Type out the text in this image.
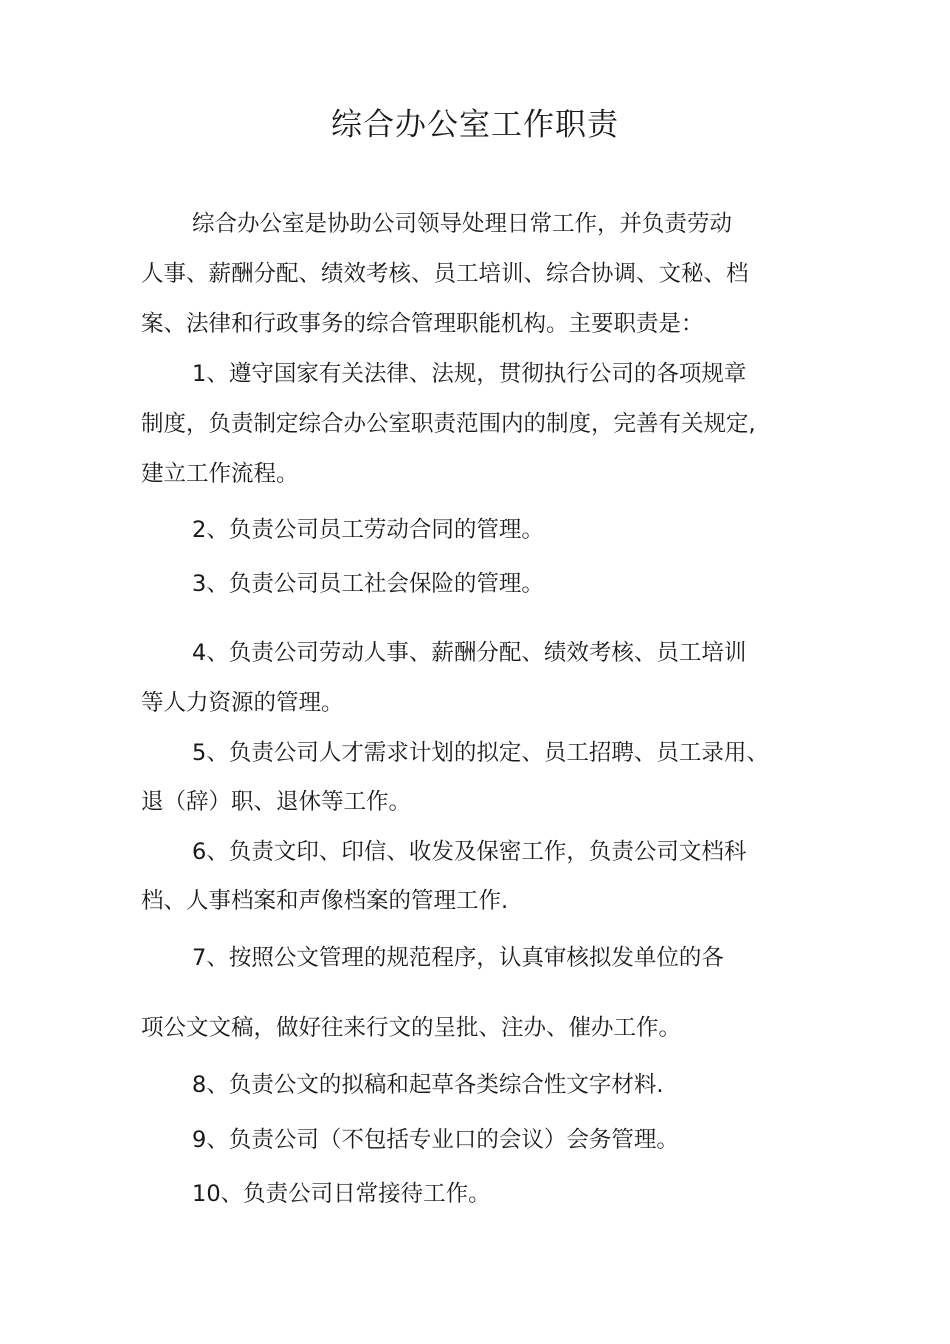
综合办公室工作职责
综合办公室是协助公司领导处理日常工作，并负责劳动
人事、薪酬分配、绩效考核、员工培训、综合协调、文秘、档
案、法律和行政事务的综合管理职能机构。主要职责是：
1、遵守国家有关法律、法规，贯彻执行公司的各项规章
制度，负责制定综合办公室职责范围内的制度，完善有关规定,
建立工作流程。
2、负责公司员工劳动合同的管理。
3、负责公司员工社会保险的管理。
4、负责公司劳动人事、薪酬分配、绩效考核、员工培训
等人力资源的管理。
5、负责公司人才需求计划的拟定、员工招聘、员工录用、
退（辞）职、退休等工作。
6、负责文印、印信、收发及保密工作，负责公司文档科
档、人事档案和声像档案的管理工作.
7、按照公文管理的规范程序，认真审核拟发单位的各
项公文文稿，做好往来行文的呈批、注办、催办工作。
8、负责公文的拟稿和起草各类综合性文字材料.
9、负责公司（不包括专业口的会议）会务管理。
10、负责公司日常接待工作。
